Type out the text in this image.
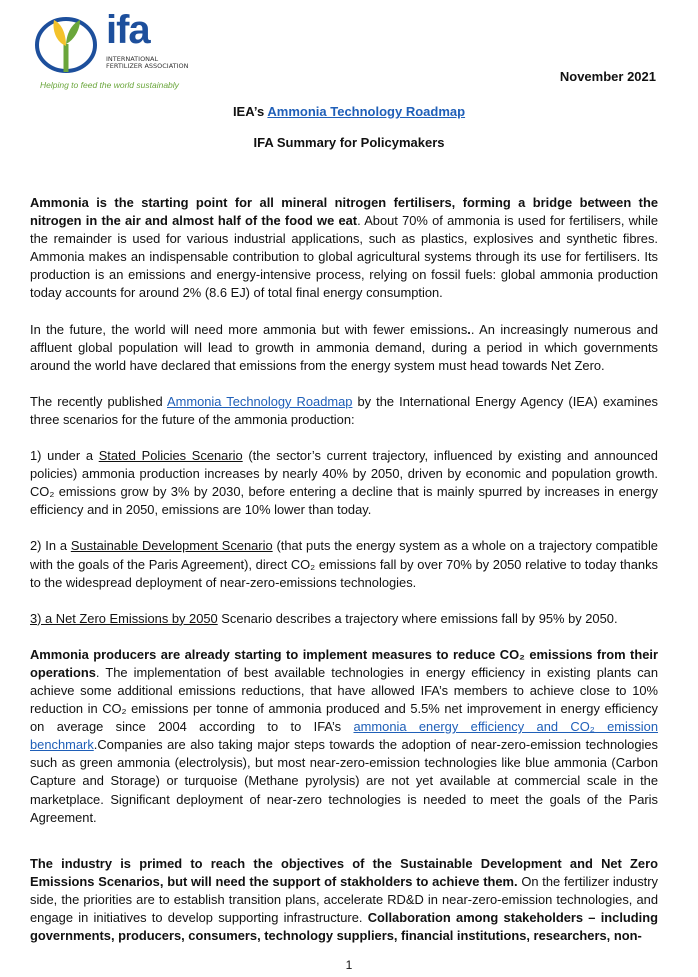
ifa
INTERNATIONAL
FERTILIZER ASSOCIATION
Helping to feed the world sustainably
November 2021
IEA’s Ammonia Technology Roadmap
IFA Summary for Policymakers

Ammonia is the starting point for all mineral nitrogen fertilisers, forming a bridge between the nitrogen in the air and almost half of the food we eat. About 70% of ammonia is used for fertilisers, while the remainder is used for various industrial applications, such as plastics, explosives and synthetic fibres. Ammonia makes an indispensable contribution to global agricultural systems through its use for fertilisers. Its production is an emissions and energy-intensive process, relying on fossil fuels: global ammonia production today accounts for around 2% (8.6 EJ) of total final energy consumption.

In the future, the world will need more ammonia but with fewer emissions.. An increasingly numerous and affluent global population will lead to growth in ammonia demand, during a period in which governments around the world have declared that emissions from the energy system must head towards Net Zero.

The recently published Ammonia Technology Roadmap by the International Energy Agency (IEA) examines three scenarios for the future of the ammonia production:

1) under a Stated Policies Scenario (the sector’s current trajectory, influenced by existing and announced policies) ammonia production increases by nearly 40% by 2050, driven by economic and population growth. CO₂ emissions grow by 3% by 2030, before entering a decline that is mainly spurred by increases in energy efficiency and in 2050, emissions are 10% lower than today.

2) In a Sustainable Development Scenario (that puts the energy system as a whole on a trajectory compatible with the goals of the Paris Agreement), direct CO₂ emissions fall by over 70% by 2050 relative to today thanks to the widespread deployment of near-zero-emissions technologies.

3) a Net Zero Emissions by 2050 Scenario describes a trajectory where emissions fall by 95% by 2050.

Ammonia producers are already starting to implement measures to reduce CO₂ emissions from their operations. The implementation of best available technologies in energy efficiency in existing plants can achieve some additional emissions reductions, that have allowed IFA’s members to achieve close to 10% reduction in CO₂ emissions per tonne of ammonia produced and 5.5% net improvement in energy efficiency on average since 2004 according to to IFA’s ammonia energy efficiency and CO₂ emission benchmark.Companies are also taking major steps towards the adoption of near-zero-emission technologies such as green ammonia (electrolysis), but most near-zero-emission technologies like blue ammonia (Carbon Capture and Storage) or turquoise (Methane pyrolysis) are not yet available at commercial scale in the marketplace. Significant deployment of near-zero technologies is needed to meet the goals of the Paris Agreement.

The industry is primed to reach the objectives of the Sustainable Development and Net Zero Emissions Scenarios, but will need the support of stakholders to achieve them. On the fertilizer industry side, the priorities are to establish transition plans, accelerate RD&D in near-zero-emission technologies, and engage in initiatives to develop supporting infrastructure. Collaboration among stakeholders – including governments, producers, consumers, technology suppliers, financial institutions, researchers, non-

1
